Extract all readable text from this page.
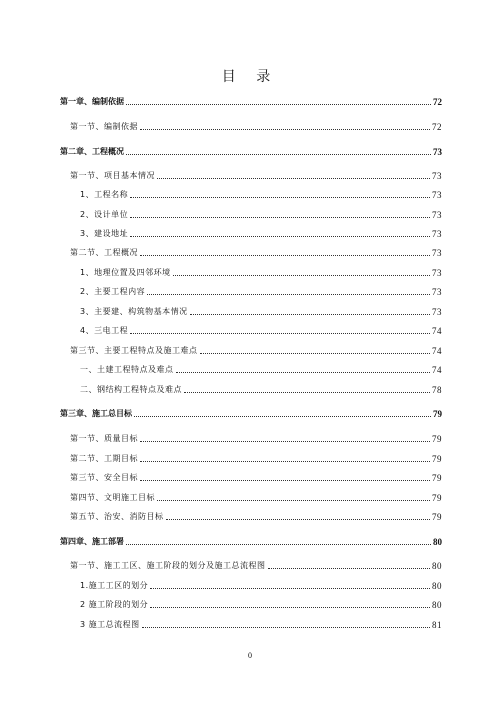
目 录
第一章、编制依据	72
第一节、编制依据	72
第二章、工程概况	73
第一节、项目基本情况	73
1、工程名称	73
2、设计单位	73
3、建设地址	73
第二节、工程概况	73
1、地理位置及四邻环境	73
2、主要工程内容	73
3、主要建、构筑物基本情况	73
4、三电工程	74
第三节、主要工程特点及施工难点	74
一、土建工程特点及难点	74
二、钢结构工程特点及难点	78
第三章、施工总目标	79
第一节、质量目标	79
第二节、工期目标	79
第三节、安全目标	79
第四节、文明施工目标	79
第五节、治安、消防目标	79
第四章、施工部署	80
第一节、施工工区、施工阶段的划分及施工总流程图	80
1.施工工区的划分	80
2 施工阶段的划分	80
3 施工总流程图	81
0
